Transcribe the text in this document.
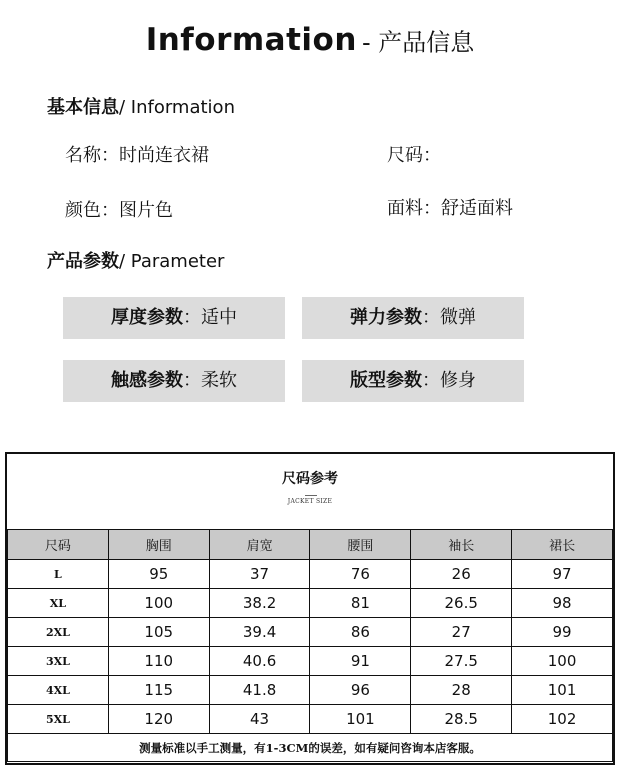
Information - 产品信息
基本信息/ Information
名称：时尚连衣裙	尺码：
颜色：图片色	面料：舒适面料
产品参数/ Parameter
厚度参数：适中	弹力参数：微弹
触感参数：柔软	版型参数：修身
尺码参考
JACKET SIZE
尺码	胸围	肩宽	腰围	袖长	裙长
L	95	37	76	26	97
XL	100	38.2	81	26.5	98
2XL	105	39.4	86	27	99
3XL	110	40.6	91	27.5	100
4XL	115	41.8	96	28	101
5XL	120	43	101	28.5	102
测量标准以手工测量，有1-3CM的误差，如有疑问咨询本店客服。					
